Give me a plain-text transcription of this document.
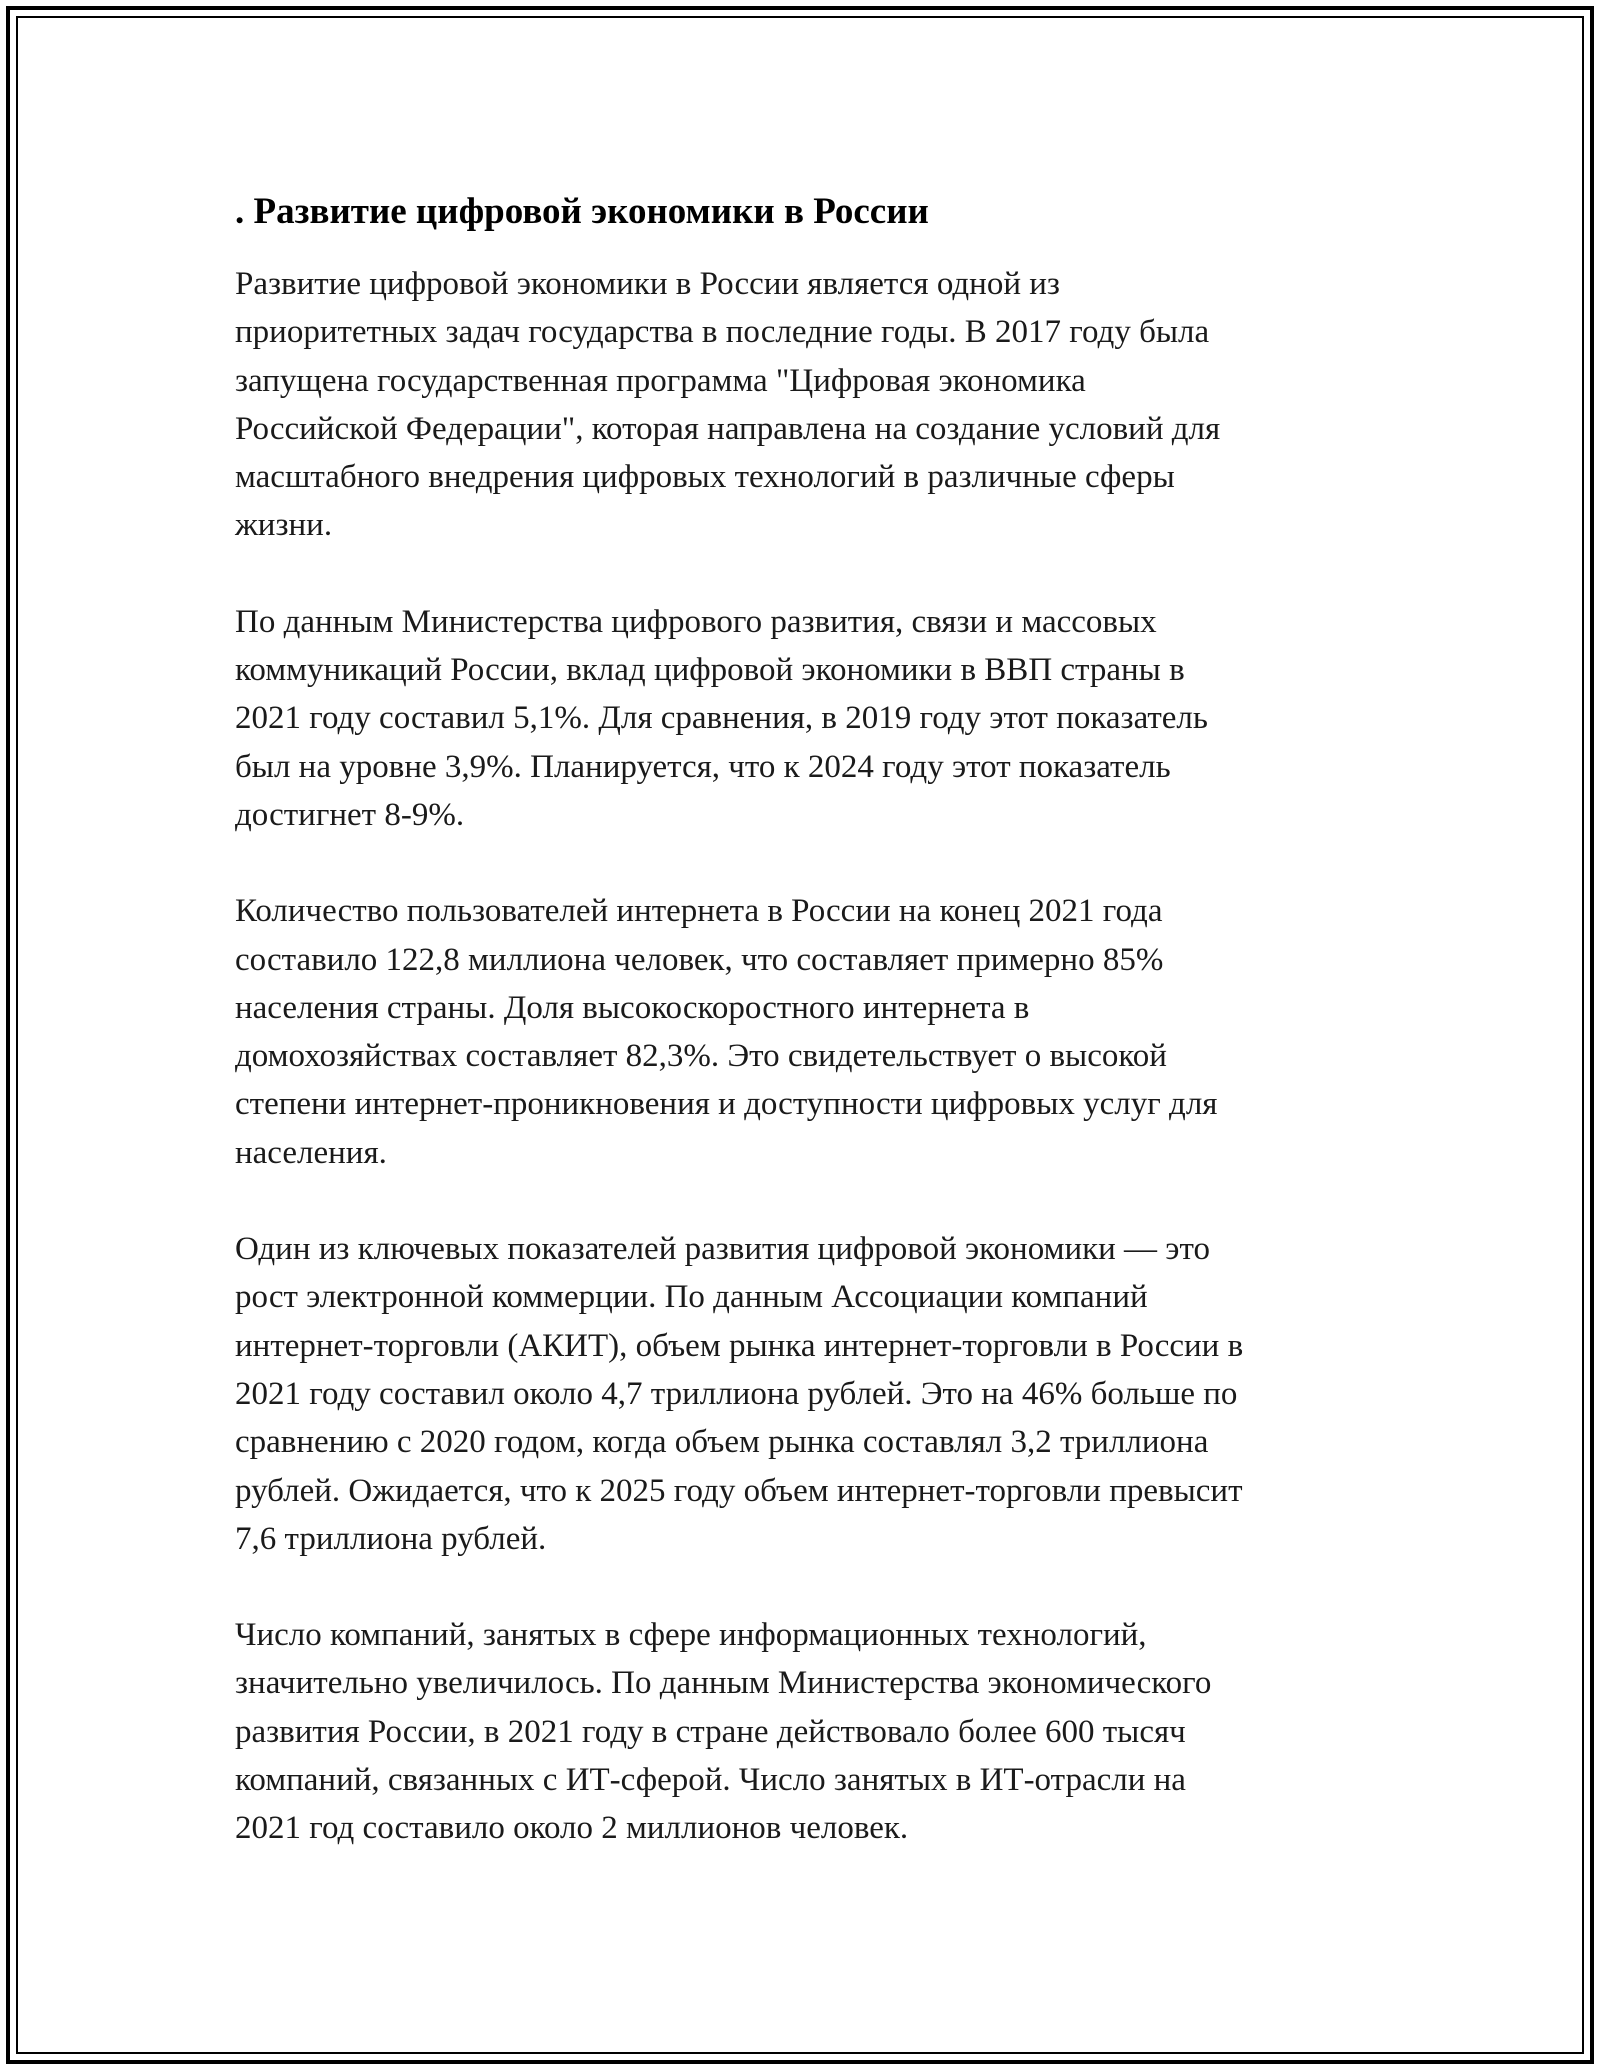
. Развитие цифровой экономики в России

Развитие цифровой экономики в России является одной из
приоритетных задач государства в последние годы. В 2017 году была
запущена государственная программа "Цифровая экономика
Российской Федерации", которая направлена на создание условий для
масштабного внедрения цифровых технологий в различные сферы
жизни.

По данным Министерства цифрового развития, связи и массовых
коммуникаций России, вклад цифровой экономики в ВВП страны в
2021 году составил 5,1%. Для сравнения, в 2019 году этот показатель
был на уровне 3,9%. Планируется, что к 2024 году этот показатель
достигнет 8-9%.

Количество пользователей интернета в России на конец 2021 года
составило 122,8 миллиона человек, что составляет примерно 85%
населения страны. Доля высокоскоростного интернета в
домохозяйствах составляет 82,3%. Это свидетельствует о высокой
степени интернет-проникновения и доступности цифровых услуг для
населения.

Один из ключевых показателей развития цифровой экономики — это
рост электронной коммерции. По данным Ассоциации компаний
интернет-торговли (АКИТ), объем рынка интернет-торговли в России в
2021 году составил около 4,7 триллиона рублей. Это на 46% больше по
сравнению с 2020 годом, когда объем рынка составлял 3,2 триллиона
рублей. Ожидается, что к 2025 году объем интернет-торговли превысит
7,6 триллиона рублей.

Число компаний, занятых в сфере информационных технологий,
значительно увеличилось. По данным Министерства экономического
развития России, в 2021 году в стране действовало более 600 тысяч
компаний, связанных с ИТ-сферой. Число занятых в ИТ-отрасли на
2021 год составило около 2 миллионов человек.
